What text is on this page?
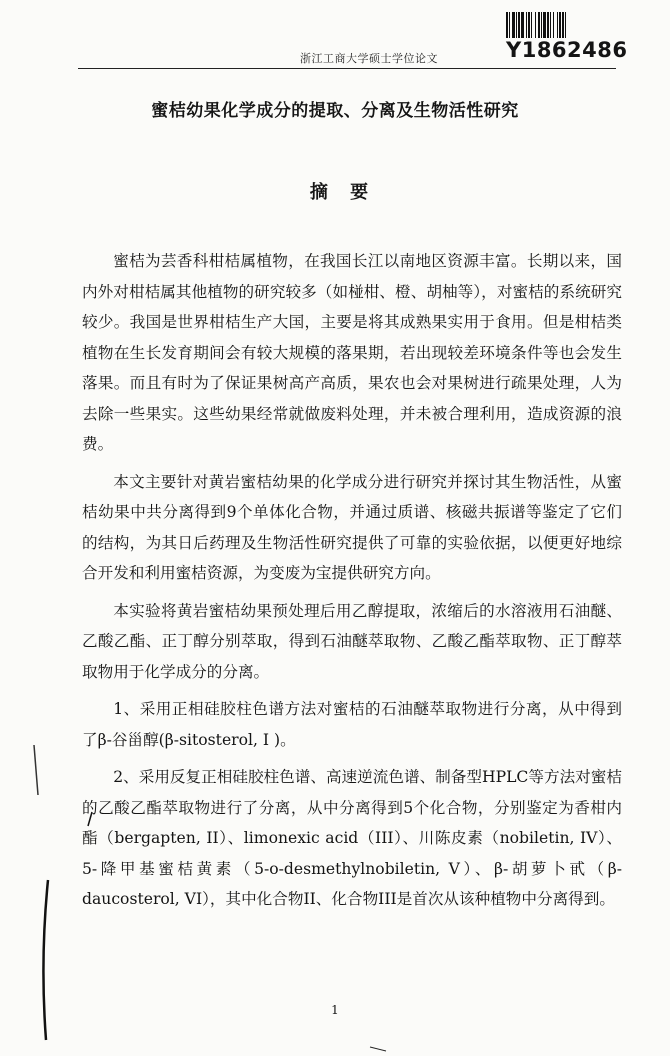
浙江工商大学硕士学位论文	Y1862486
蜜桔幼果化学成分的提取、分离及生物活性研究
摘 要

蜜桔为芸香科柑桔属植物，在我国长江以南地区资源丰富。长期以来，国内外对柑桔属其他植物的研究较多（如椪柑、橙、胡柚等），对蜜桔的系统研究较少。我国是世界柑桔生产大国，主要是将其成熟果实用于食用。但是柑桔类植物在生长发育期间会有较大规模的落果期，若出现较差环境条件等也会发生落果。而且有时为了保证果树高产高质，果农也会对果树进行疏果处理，人为去除一些果实。这些幼果经常就做废料处理，并未被合理利用，造成资源的浪费。

本文主要针对黄岩蜜桔幼果的化学成分进行研究并探讨其生物活性，从蜜桔幼果中共分离得到9个单体化合物，并通过质谱、核磁共振谱等鉴定了它们的结构，为其日后药理及生物活性研究提供了可靠的实验依据，以便更好地综合开发和利用蜜桔资源，为变废为宝提供研究方向。

本实验将黄岩蜜桔幼果预处理后用乙醇提取，浓缩后的水溶液用石油醚、乙酸乙酯、正丁醇分别萃取，得到石油醚萃取物、乙酸乙酯萃取物、正丁醇萃取物用于化学成分的分离。

1、采用正相硅胶柱色谱方法对蜜桔的石油醚萃取物进行分离，从中得到了β-谷甾醇(β-sitosterol, I )。

2、采用反复正相硅胶柱色谱、高速逆流色谱、制备型HPLC等方法对蜜桔的乙酸乙酯萃取物进行了分离，从中分离得到5个化合物，分别鉴定为香柑内酯（bergapten, II）、limonexic acid（III）、川陈皮素（nobiletin, IV）、5-降甲基蜜桔黄素（5-o-desmethylnobiletin, V）、β-胡萝卜甙（β-daucosterol, VI），其中化合物II、化合物III是首次从该种植物中分离得到。

1
